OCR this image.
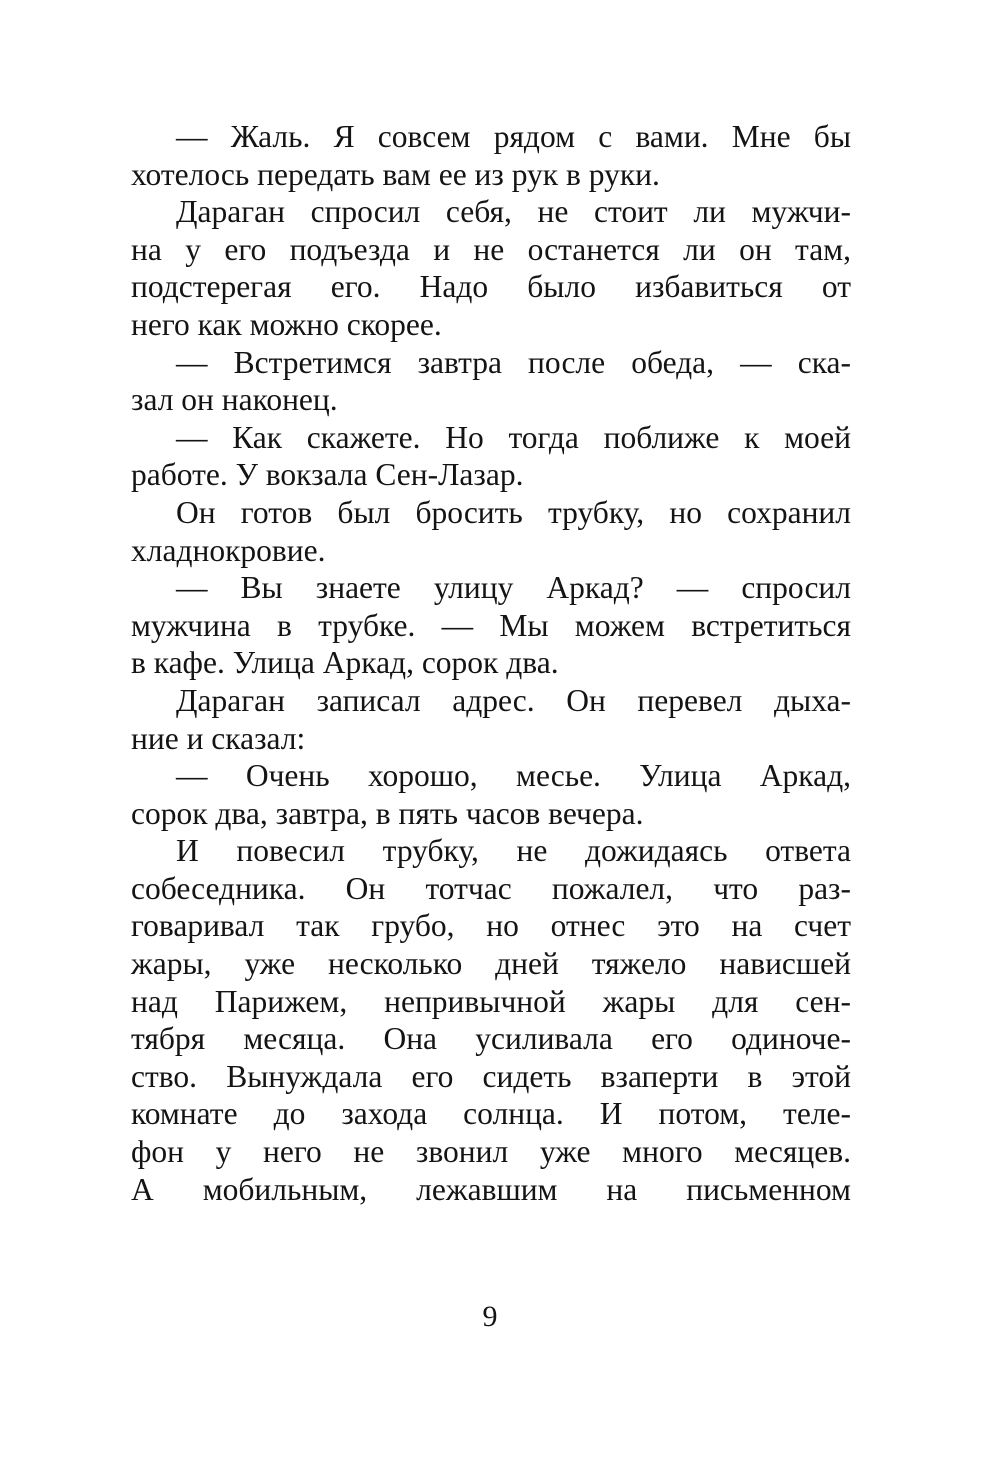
— Жаль. Я совсем рядом с вами. Мне бы
хотелось передать вам ее из рук в руки.
Дараган спросил себя, не стоит ли мужчи-
на у его подъезда и не останется ли он там,
подстерегая его. Надо было избавиться от
него как можно скорее.
— Встретимся завтра после обеда, — ска-
зал он наконец.
— Как скажете. Но тогда поближе к моей
работе. У вокзала Сен-Лазар.
Он готов был бросить трубку, но сохранил
хладнокровие.
— Вы знаете улицу Аркад? — спросил
мужчина в трубке. — Мы можем встретиться
в кафе. Улица Аркад, сорок два.
Дараган записал адрес. Он перевел дыха-
ние и сказал:
— Очень хорошо, месье. Улица Аркад,
сорок два, завтра, в пять часов вечера.
И повесил трубку, не дожидаясь ответа
собеседника. Он тотчас пожалел, что раз-
говаривал так грубо, но отнес это на счет
жары, уже несколько дней тяжело нависшей
над Парижем, непривычной жары для сен-
тября месяца. Она усиливала его одиноче-
ство. Вынуждала его сидеть взаперти в этой
комнате до захода солнца. И потом, теле-
фон у него не звонил уже много месяцев.
А мобильным, лежавшим на письменном
9
